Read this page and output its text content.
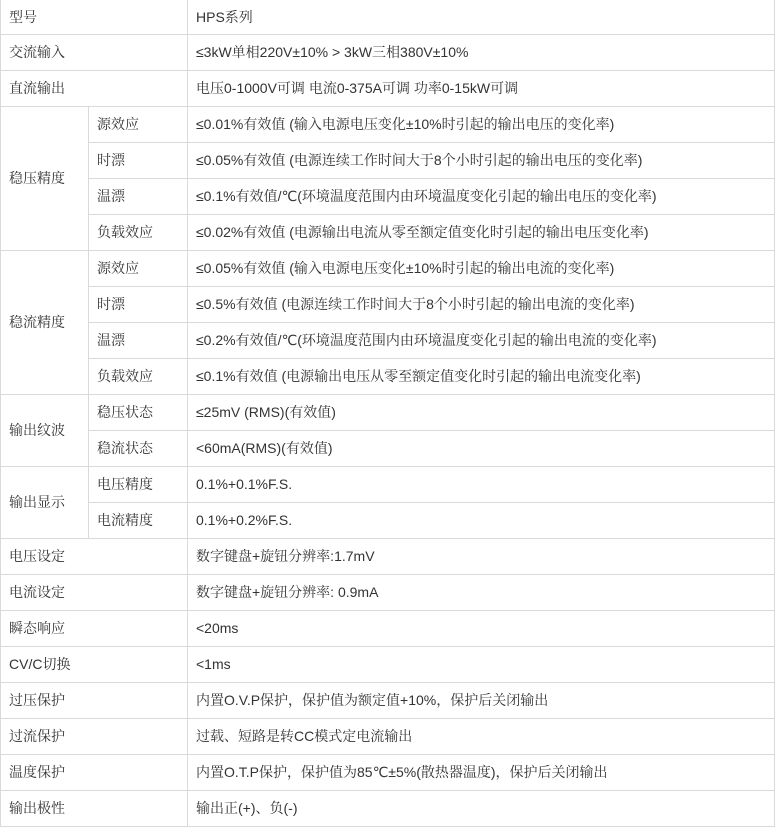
型号		HPS系列
交流输入		≤3kW单相220V±10% > 3kW三相380V±10%
直流输出		电压0-1000V可调 电流0-375A可调 功率0-15kW可调
稳压精度	源效应	≤0.01%有效值 (输入电源电压变化±10%时引起的输出电压的变化率)
	时漂	≤0.05%有效值 (电源连续工作时间大于8个小时引起的输出电压的变化率)
	温漂	≤0.1%有效值/℃(环境温度范围内由环境温度变化引起的输出电压的变化率)
	负载效应	≤0.02%有效值 (电源输出电流从零至额定值变化时引起的输出电压变化率)
稳流精度	源效应	≤0.05%有效值 (输入电源电压变化±10%时引起的输出电流的变化率)
	时漂	≤0.5%有效值 (电源连续工作时间大于8个小时引起的输出电流的变化率)
	温漂	≤0.2%有效值/℃(环境温度范围内由环境温度变化引起的输出电流的变化率)
	负载效应	≤0.1%有效值 (电源输出电压从零至额定值变化时引起的输出电流变化率)
输出纹波	稳压状态	≤25mV (RMS)(有效值)
	稳流状态	<60mA(RMS)(有效值)
输出显示	电压精度	0.1%+0.1%F.S.
	电流精度	0.1%+0.2%F.S.
电压设定		数字键盘+旋钮分辨率:1.7mV
电流设定		数字键盘+旋钮分辨率: 0.9mA
瞬态响应		<20ms
CV/C切换		<1ms
过压保护		内置O.V.P保护，保护值为额定值+10%，保护后关闭输出
过流保护		过载、短路是转CC模式定电流输出
温度保护		内置O.T.P保护，保护值为85℃±5%(散热器温度)，保护后关闭输出
输出极性		输出正(+)、负(-)
